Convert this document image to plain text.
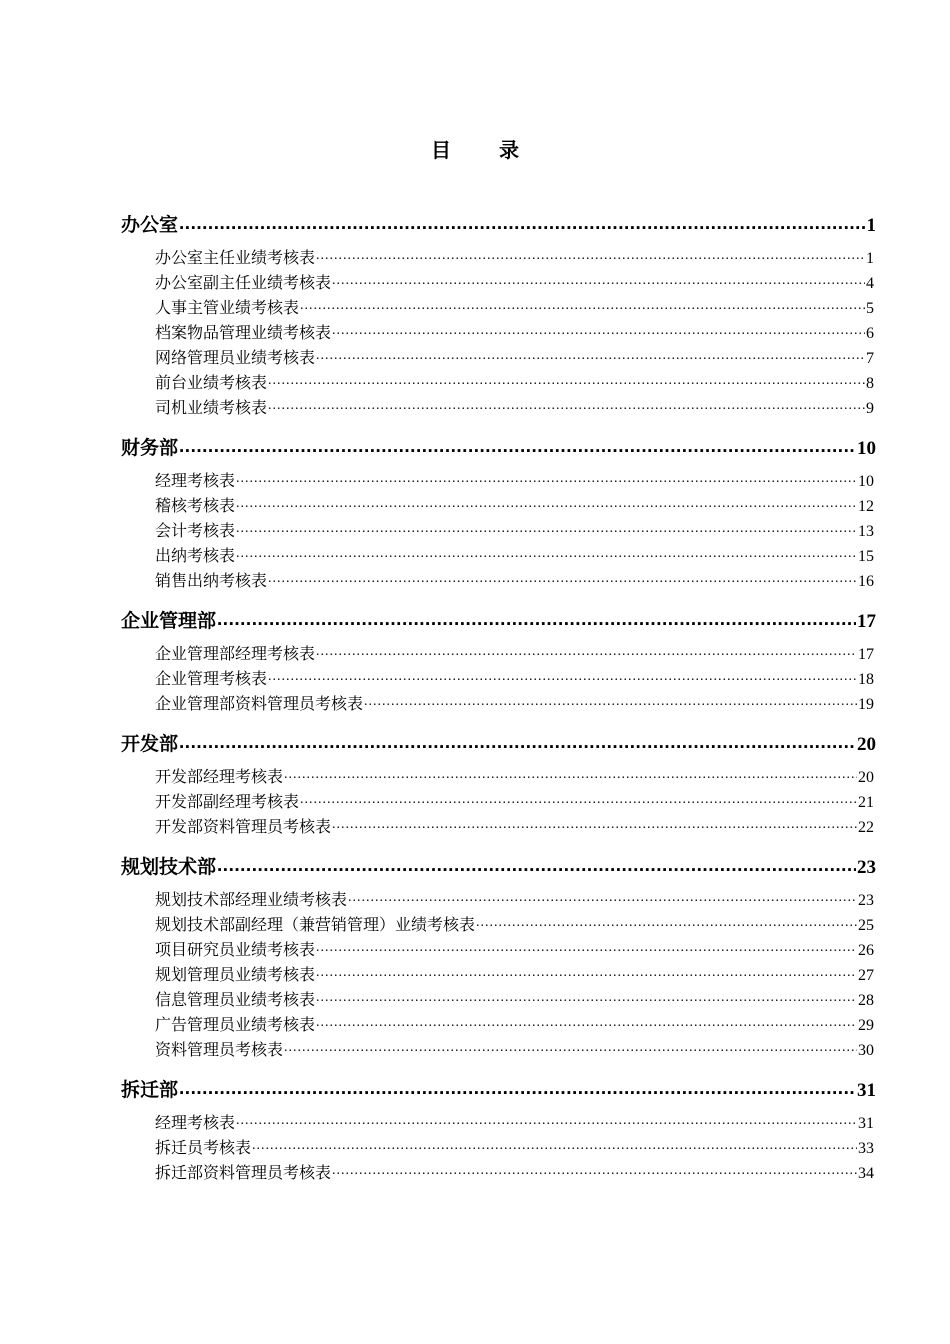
目　录
办公室 .....	1
办公室主任业绩考核表 .....	1
办公室副主任业绩考核表 .....	4
人事主管业绩考核表 .....	5
档案物品管理业绩考核表 .....	6
网络管理员业绩考核表 .....	7
前台业绩考核表 .....	8
司机业绩考核表 .....	9
财务部 .....	10
经理考核表 .....	10
稽核考核表 .....	12
会计考核表 .....	13
出纳考核表 .....	15
销售出纳考核表 .....	16
企业管理部 .....	17
企业管理部经理考核表 .....	17
企业管理考核表 .....	18
企业管理部资料管理员考核表 .....	19
开发部 .....	20
开发部经理考核表 .....	20
开发部副经理考核表 .....	21
开发部资料管理员考核表 .....	22
规划技术部 .....	23
规划技术部经理业绩考核表 .....	23
规划技术部副经理（兼营销管理）业绩考核表 .....	25
项目研究员业绩考核表 .....	26
规划管理员业绩考核表 .....	27
信息管理员业绩考核表 .....	28
广告管理员业绩考核表 .....	29
资料管理员考核表 .....	30
拆迁部 .....	31
经理考核表 .....	31
拆迁员考核表 .....	33
拆迁部资料管理员考核表 .....	34
